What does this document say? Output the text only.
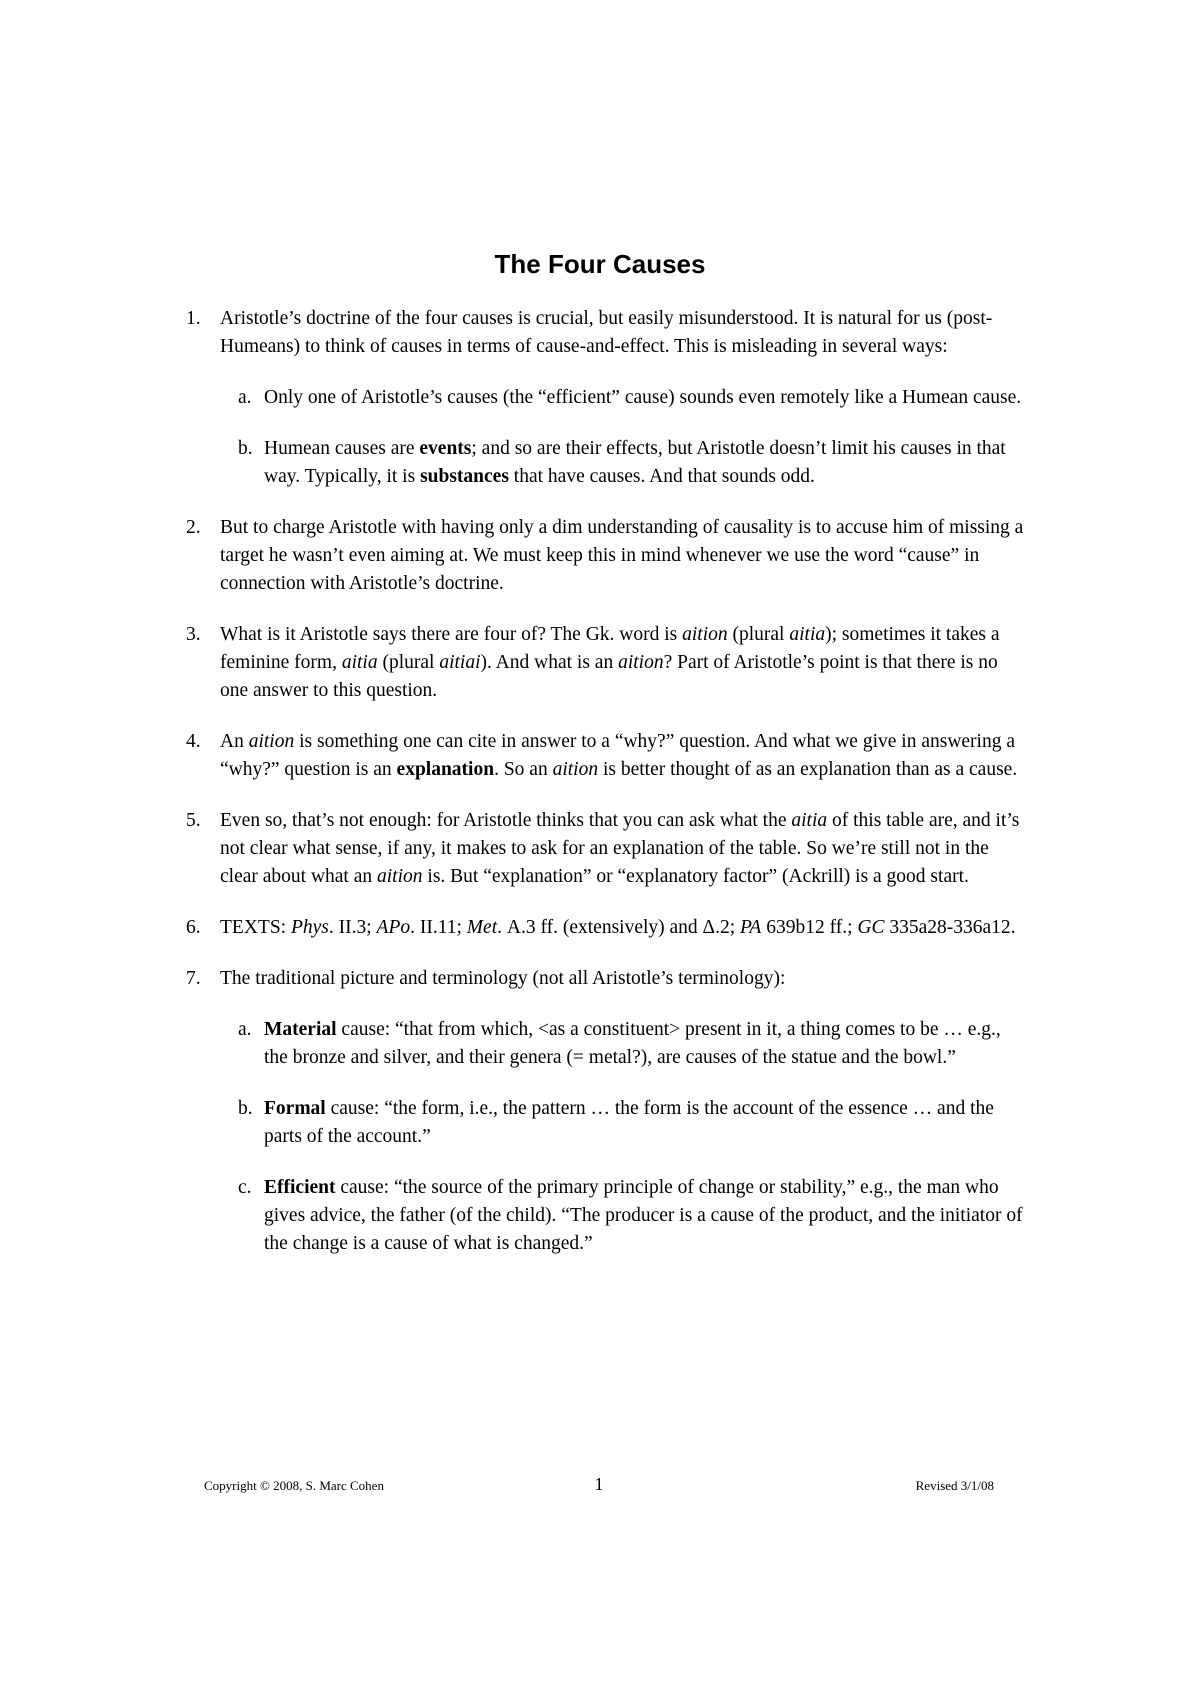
The Four Causes
1. Aristotle’s doctrine of the four causes is crucial, but easily misunderstood. It is natural for us (post-Humeans) to think of causes in terms of cause-and-effect. This is misleading in several ways:
a. Only one of Aristotle’s causes (the “efficient” cause) sounds even remotely like a Humean cause.
b. Humean causes are events; and so are their effects, but Aristotle doesn’t limit his causes in that way. Typically, it is substances that have causes. And that sounds odd.
2. But to charge Aristotle with having only a dim understanding of causality is to accuse him of missing a target he wasn’t even aiming at. We must keep this in mind whenever we use the word “cause” in connection with Aristotle’s doctrine.
3. What is it Aristotle says there are four of? The Gk. word is aition (plural aitia); sometimes it takes a feminine form, aitia (plural aitiai). And what is an aition? Part of Aristotle’s point is that there is no one answer to this question.
4. An aition is something one can cite in answer to a “why?” question. And what we give in answering a “why?” question is an explanation. So an aition is better thought of as an explanation than as a cause.
5. Even so, that’s not enough: for Aristotle thinks that you can ask what the aitia of this table are, and it’s not clear what sense, if any, it makes to ask for an explanation of the table. So we’re still not in the clear about what an aition is. But “explanation” or “explanatory factor” (Ackrill) is a good start.
6. TEXTS: Phys. II.3; APo. II.11; Met. Α.3 ff. (extensively) and Δ.2; PA 639b12 ff.; GC 335a28-336a12.
7. The traditional picture and terminology (not all Aristotle’s terminology):
a. Material cause: “that from which, <as a constituent> present in it, a thing comes to be … e.g., the bronze and silver, and their genera (= metal?), are causes of the statue and the bowl.”
b. Formal cause: “the form, i.e., the pattern … the form is the account of the essence … and the parts of the account.”
c. Efficient cause: “the source of the primary principle of change or stability,” e.g., the man who gives advice, the father (of the child). “The producer is a cause of the product, and the initiator of the change is a cause of what is changed.”
Copyright © 2008, S. Marc Cohen	1	Revised 3/1/08
